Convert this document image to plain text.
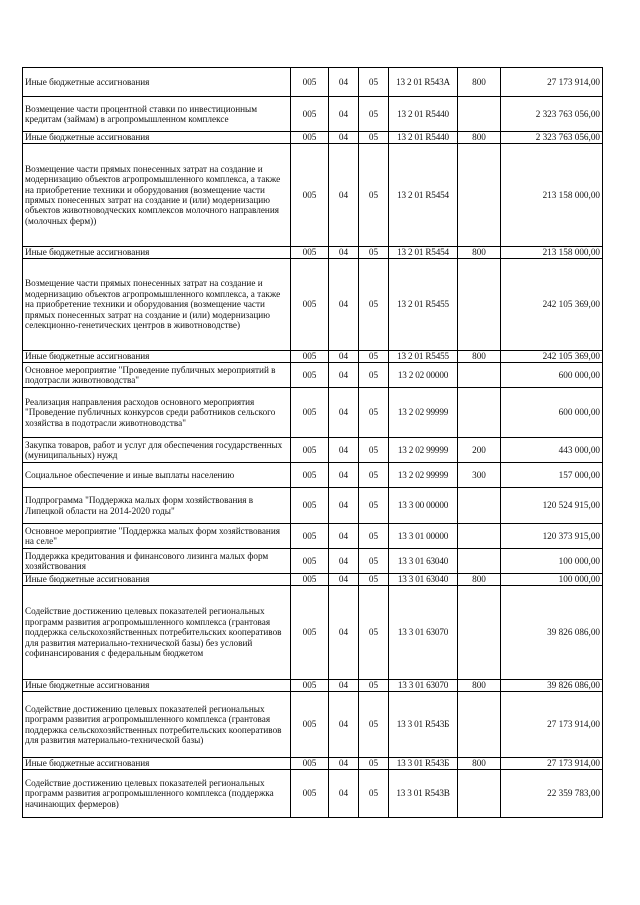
Иные бюджетные ассигнования	005	04	05	13 2 01 R543A	800	27 173 914,00
Возмещение части процентной ставки по инвестиционным кредитам (займам) в агропромышленном комплексе	005	04	05	13 2 01 R5440		2 323 763 056,00
Иные бюджетные ассигнования	005	04	05	13 2 01 R5440	800	2 323 763 056,00
Возмещение части прямых понесенных затрат на создание и модернизацию объектов агропромышленного комплекса, а также на приобретение техники и оборудования (возмещение части прямых понесенных затрат на создание и (или) модернизацию объектов животноводческих комплексов молочного направления (молочных ферм))	005	04	05	13 2 01 R5454		213 158 000,00
Иные бюджетные ассигнования	005	04	05	13 2 01 R5454	800	213 158 000,00
Возмещение части прямых понесенных затрат на создание и модернизацию объектов агропромышленного комплекса, а также на приобретение техники и оборудования (возмещение части прямых понесенных затрат на создание и (или) модернизацию селекционно-генетических центров в животноводстве)	005	04	05	13 2 01 R5455		242 105 369,00
Иные бюджетные ассигнования	005	04	05	13 2 01 R5455	800	242 105 369,00
Основное мероприятие "Проведение публичных мероприятий в подотрасли животноводства"	005	04	05	13 2 02 00000		600 000,00
Реализация направления расходов основного мероприятия "Проведение публичных конкурсов среди работников сельского хозяйства в подотрасли животноводства"	005	04	05	13 2 02 99999		600 000,00
Закупка товаров, работ и услуг для обеспечения государственных (муниципальных) нужд	005	04	05	13 2 02 99999	200	443 000,00
Социальное обеспечение и иные выплаты населению	005	04	05	13 2 02 99999	300	157 000,00
Подпрограмма "Поддержка малых форм хозяйствования в Липецкой области на 2014-2020 годы"	005	04	05	13 3 00 00000		120 524 915,00
Основное мероприятие "Поддержка малых форм хозяйствования на селе"	005	04	05	13 3 01 00000		120 373 915,00
Поддержка кредитования и финансового лизинга малых форм хозяйствования	005	04	05	13 3 01 63040		100 000,00
Иные бюджетные ассигнования	005	04	05	13 3 01 63040	800	100 000,00
Содействие достижению целевых показателей региональных программ развития агропромышленного комплекса (грантовая поддержка сельскохозяйственных потребительских кооперативов для развития материально-технической базы) без условий софинансирования с федеральным бюджетом	005	04	05	13 3 01 63070		39 826 086,00
Иные бюджетные ассигнования	005	04	05	13 3 01 63070	800	39 826 086,00
Содействие достижению целевых показателей региональных программ развития агропромышленного комплекса (грантовая поддержка сельскохозяйственных потребительских кооперативов для развития материально-технической базы)	005	04	05	13 3 01 R543Б		27 173 914,00
Иные бюджетные ассигнования	005	04	05	13 3 01 R543Б	800	27 173 914,00
Содействие достижению целевых показателей региональных программ развития агропромышленного комплекса (поддержка начинающих фермеров)	005	04	05	13 3 01 R543В		22 359 783,00
